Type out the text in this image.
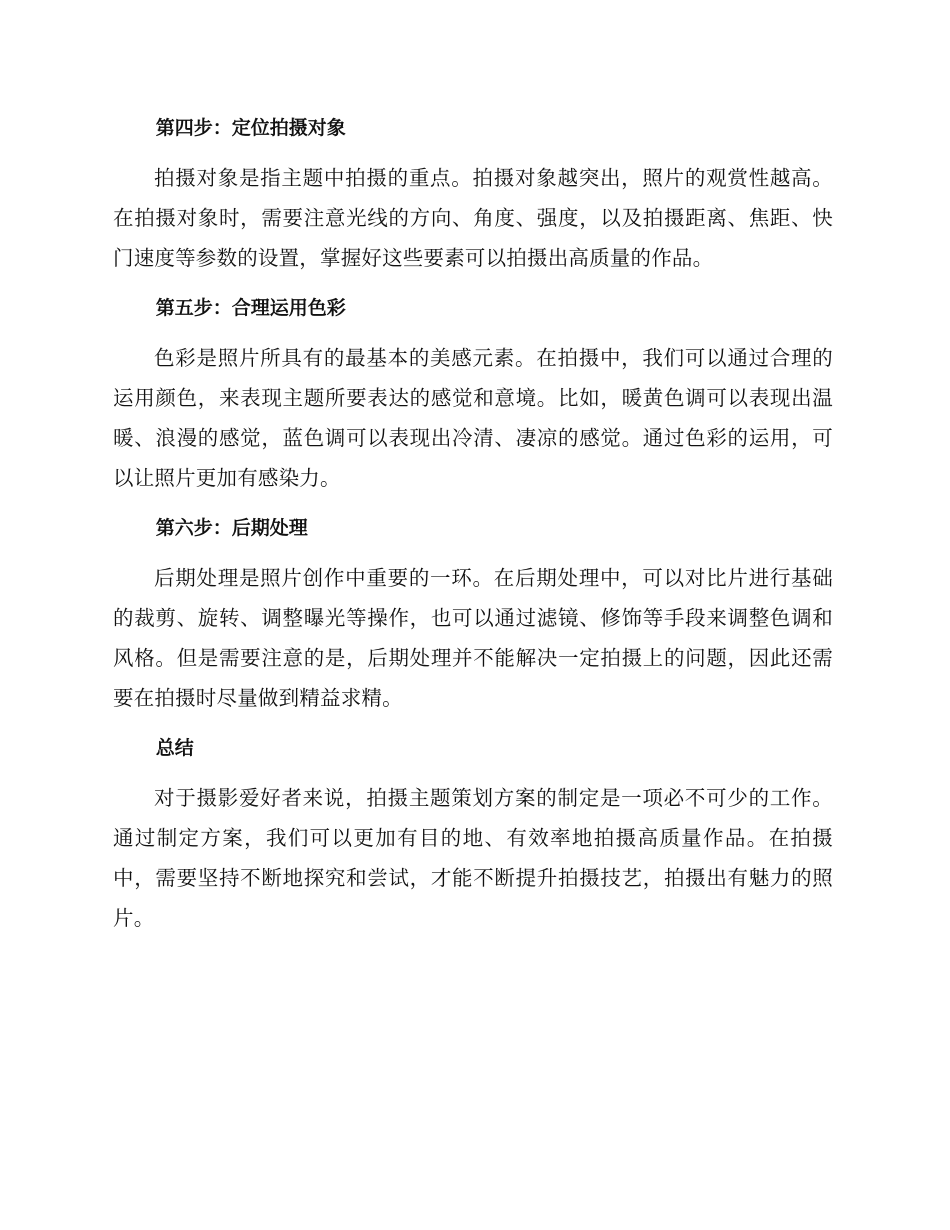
第四步：定位拍摄对象

拍摄对象是指主题中拍摄的重点。拍摄对象越突出，照片的观赏性越高。在拍摄对象时，需要注意光线的方向、角度、强度，以及拍摄距离、焦距、快门速度等参数的设置，掌握好这些要素可以拍摄出高质量的作品。

第五步：合理运用色彩

色彩是照片所具有的最基本的美感元素。在拍摄中，我们可以通过合理的运用颜色，来表现主题所要表达的感觉和意境。比如，暖黄色调可以表现出温暖、浪漫的感觉，蓝色调可以表现出冷清、凄凉的感觉。通过色彩的运用，可以让照片更加有感染力。

第六步：后期处理

后期处理是照片创作中重要的一环。在后期处理中，可以对比片进行基础的裁剪、旋转、调整曝光等操作，也可以通过滤镜、修饰等手段来调整色调和风格。但是需要注意的是，后期处理并不能解决一定拍摄上的问题，因此还需要在拍摄时尽量做到精益求精。

总结

对于摄影爱好者来说，拍摄主题策划方案的制定是一项必不可少的工作。通过制定方案，我们可以更加有目的地、有效率地拍摄高质量作品。在拍摄中，需要坚持不断地探究和尝试，才能不断提升拍摄技艺，拍摄出有魅力的照片。
